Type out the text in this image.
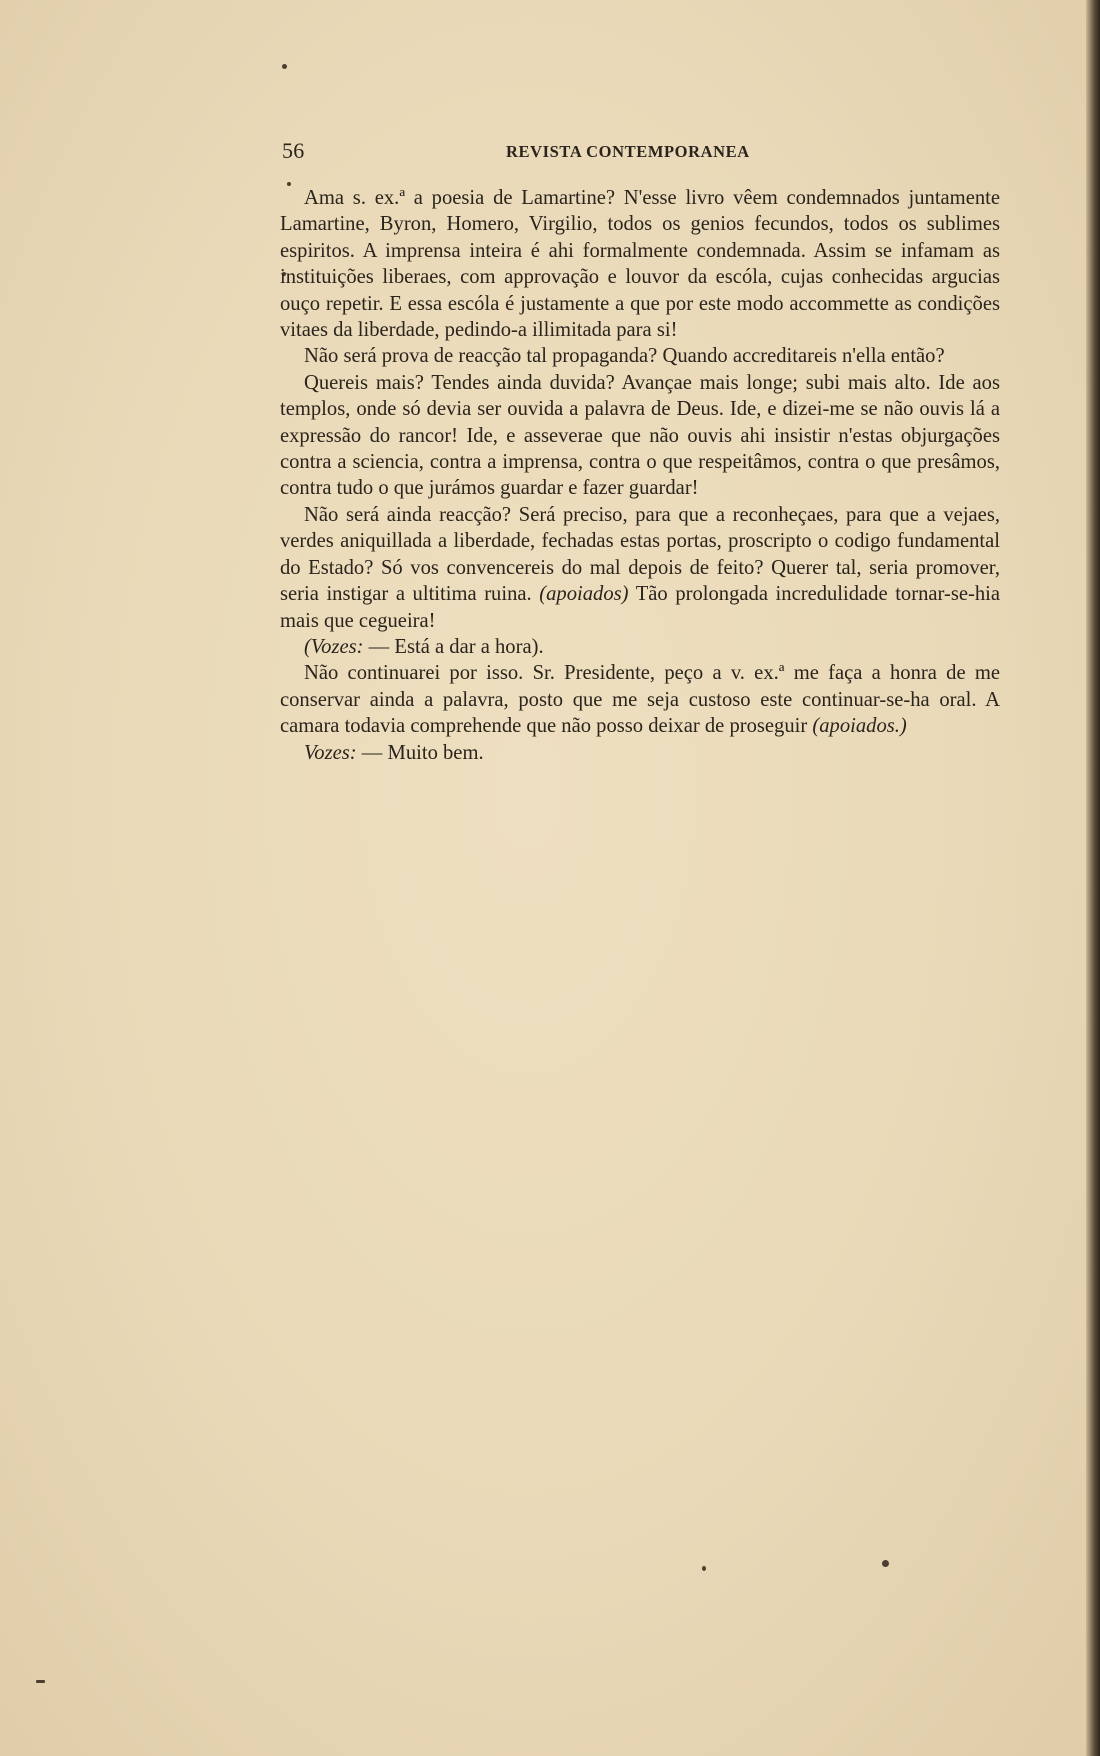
56	REVISTA CONTEMPORANEA

Ama s. ex.ª a poesia de Lamartine? N'esse livro vêem condemnados juntamente Lamartine, Byron, Homero, Virgilio, todos os genios fecundos, todos os sublimes espiritos. A imprensa inteira é ahi formalmente condemnada. Assim se infamam as instituições liberaes, com approvação e louvor da escóla, cujas conhecidas argucias ouço repetir. E essa escóla é justamente a que por este modo accommette as condições vitaes da liberdade, pedindo-a illimitada para si!

Não será prova de reacção tal propaganda? Quando accreditareis n'ella então?

Quereis mais? Tendes ainda duvida? Avançae mais longe; subi mais alto. Ide aos templos, onde só devia ser ouvida a palavra de Deus. Ide, e dizei-me se não ouvis lá a expressão do rancor! Ide, e asseverae que não ouvis ahi insistir n'estas objurgações contra a sciencia, contra a imprensa, contra o que respeitâmos, contra o que presâmos, contra tudo o que jurámos guardar e fazer guardar!

Não será ainda reacção? Será preciso, para que a reconheçaes, para que a vejaes, verdes aniquillada a liberdade, fechadas estas portas, proscripto o codigo fundamental do Estado? Só vos convencereis do mal depois de feito? Querer tal, seria promover, seria instigar a ultitima ruina. (apoiados) Tão prolongada incredulidade tornar-se-hia mais que cegueira!

(Vozes: — Está a dar a hora).

Não continuarei por isso. Sr. Presidente, peço a v. ex.ª me faça a honra de me conservar ainda a palavra, posto que me seja custoso este continuar-se-ha oral. A camara todavia comprehende que não posso deixar de proseguir (apoiados.)

Vozes: — Muito bem.
